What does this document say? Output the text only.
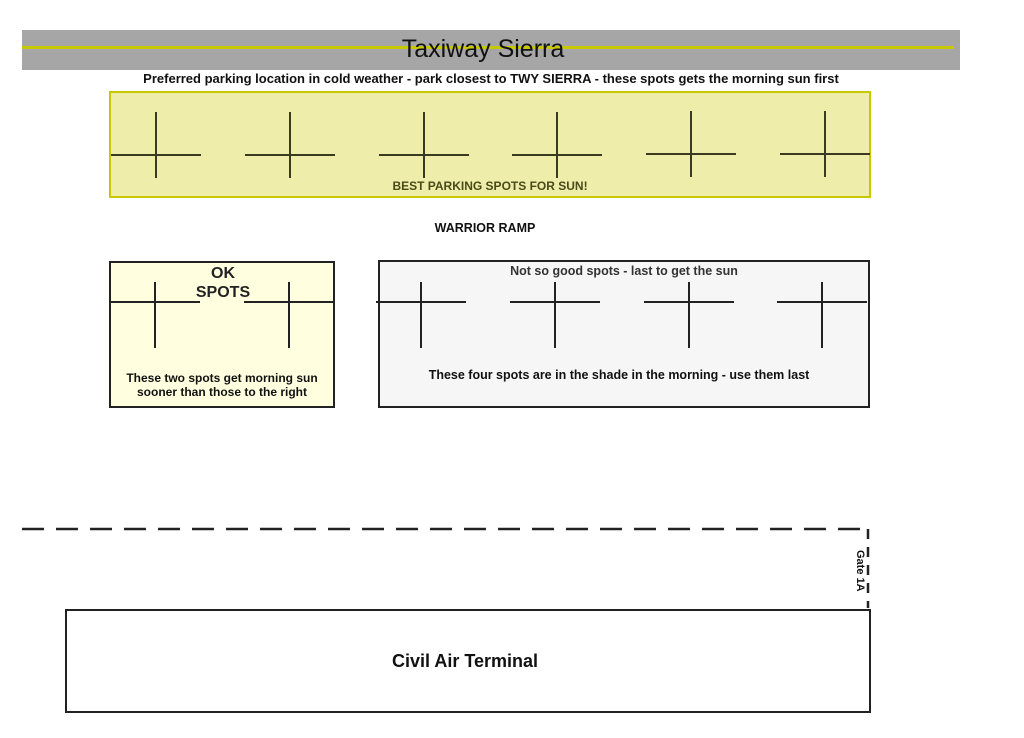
Taxiway Sierra
Preferred parking location in cold weather - park closest to TWY SIERRA - these spots gets the morning sun first
BEST PARKING SPOTS FOR SUN!
WARRIOR RAMP
OK
SPOTS
These two spots get morning sun
sooner than those to the right
Not so good spots - last to get the sun
These four spots are in the shade in the morning - use them last
Gate 1A
Civil Air Terminal
